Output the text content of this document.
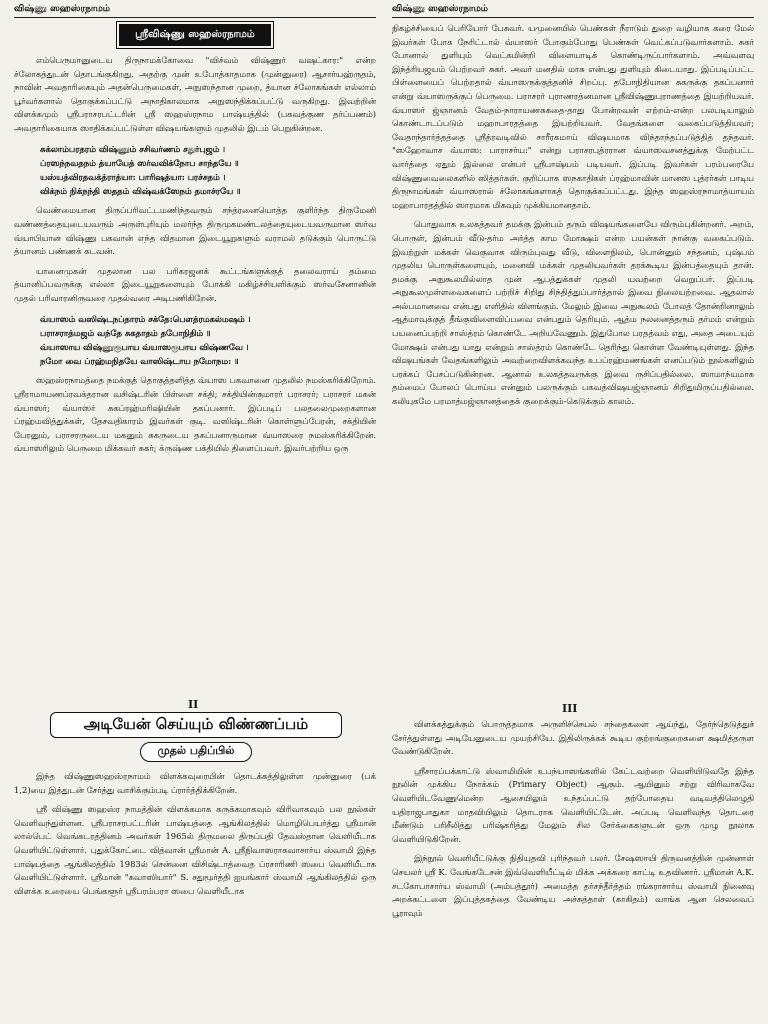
விஷ்ணு ஸஹஸ்ரநாமம்
ஸ்ரீவிஷ்ணு ஸஹஸ்ரநாமம்

எம்பெருமானுடைய திருநாமக்கோவை "விச்வம் விஷ்ணுர் வஷட்கார:" என்ற ச்லோகத்துடன் தொடங்குகிறது. அதற்கு முன் உபோத்காதமாக (முன்னுரை) ஆசார்யஹ்ருதம், நாவின் அவதாரிகையும் அதன்பெருமைகள், அநுஸந்தான முறை, த்யான ச்லோகங்கள் எல்லாம் பூர்வர்களால் தொகுக்கப்பட்டு அநாதிகாலமாக அநுஸந்திக்கப்பட்டு வருகிறது. இவற்றின் விளக்கமும் ஸ்ரீபராசரபட்டரின் ஸ்ரீ ஸஹஸ்ரநாம பாஷ்யத்தில் (பகவத்குண தர்ப்பணம்) அவதாரிகையாக ஸாதிக்கப்பட்டுள்ள விஷயங்களும் முதலில் இடம் பெறுகின்றன.

சுக்லாம்பரதரம் விஷ்ணும் சசிவர்ணம் சதுர்புஜம் ।

ப்ரஸந்நவதநம் த்யாயேத் ஸர்வவிக்நோப சாந்தயே ॥

யஸ்யத்விரதவக்த்ராத்யா: பாரிஷத்யா: பரச்சதம் ।

விக்நம் நிக்நந்தி ஸததம் விஷ்வக்ஸேநம் தமாச்ரயே ॥

வெண்மையான திருப்பரிவட்டமணிந்தவரும் சந்த்ரனையொத்த குளிர்ந்த திருமேனி வண்ணத்தையுடையவரும் அருள்புரியும் மலர்ந்த திருமுகமண்டலத்தையுடையவருமான ஸர்வ வ்யாபியான விஷ்ணு பகவான் எந்த விதமான இடையூறுகளும் வராமல் தடுக்கும் பொருட்டு த்யானம் பண்ணக் கடவன்.

யானைமுகன் முதலான பல பரிகரஜனக் கூட்டங்களுக்குத் தலைவராய் தம்மை த்யானிப்பவருக்கு எல்லா இடையூறுகளையும் போக்கி மகிழ்ச்சியளிக்கும் ஸர்வசேனானின் முதல் பரிவாரனிருவரை முதல்வரை அடிபணிகிறேன்.

வ்யாஸம் வஸிஷ்டநப்தாரம் சக்தே:பௌத்ரமகல்மஷம் ।

பராசராத்மஜம் வந்தே சுகதாதம் தபோநிதிம் ॥

வ்யாஸாய விஷ்ணுரூபாய வ்யாஸரூபாய விஷ்ணவே ।

நமோ வை ப்ரஹ்மநிதயே வாஸிஷ்டாய நமோநம: ॥

ஸஹஸ்ரநாமத்தை நமக்குத் தொகுத்தளித்த வ்யாஸ பகவானை முதலில் நமஸ்கரிக்கிறோம். ஸ்ரீராமாயணப்ரவக்தரான வசிஷ்டரின் பிள்ளை சக்தி; சக்தியின்குமாரர் பராசரர்; பராசரர் மகன் வ்யாஸர்; வ்யாஸர் சுகப்ரஹ்மரிஷியின் தகப்பனார். இப்படிப் பலதலைமுறைகளான ப்ரஹ்மவித்துக்கள், தேசவதிகாரம் இவர்கள் குடி. வஸிஷ்டரின் கொள்ளுப்பேரன், சக்தியின் பேரனும், பராசரருடைய மகனும் சுகருடைய தகப்பனாருமான வ்யாஸரை நமஸ்கரிக்கிறேன். வ்யாஸரிலும் பெருமை மிக்கவர் சுகர்; க்ருஷ்ண பக்தியில் திளைப்பவர். இவர்பற்றிய ஒரு

விஷ்ணு ஸஹஸ்ரநாமம்

நிகழ்ச்சியைப் பெரியோர் பேசுவர். யமுனையில் பெண்கள் நீராடும் துறை வழியாக கரை மேல் இவர்கள் போக நேரிட்டால் வ்யாஸர் போகும்போது பெண்கள் வெட்கப்படுவார்களாம். சுகர் போனால் துளியும் வெட்கமின்றி விளையாடிக் கொண்டிருப்பார்களாம். அவ்வளவு இந்த்ரியஜயம் பெற்றவர் சுகர். அவர் மனதில் மாசு என்பது துளியும் கிடையாது. இப்படிப்பட்ட பிள்ளையைப் பெற்றதால் வ்யாஸருக்குத்தனிச் சிறப்பு. தபோநிதியான சுகருக்கு தகப்பனார் என்று வ்யாஸருக்குப் பெருமை. பராசரர் புராணரத்னமான ஸ்ரீவிஷ்ணுபுராணத்தை இயற்றியவர். வ்யாஸர் ஜ்ஞானம் வேதம்-நாராயணசுகதை-தாது போன்றவன் எற்றம்-என்ற பலபடியாலும் கொண்டாடப்படும் மஹாபாரதத்தை இயற்றியவர். வேதங்களை வகைப்படுத்தியவர்; வேதாந்தார்த்தத்தை ஸ்ரீத்ரவடிவில் சாரீரகமாய் விஷயமாக விந்தாந்தப்படுத்தித் தந்தவர். "ஸஹோவாச வ்யாஸ: பாராசர்ய:" என்று பராசரபுத்ரரான வ்யாஸவசனத்துக்கு மேற்பட்ட வார்த்தை ஏதும் இல்லை என்பர் ஸ்ரீபாஷ்யம் படியவர். இப்படி இவர்கள் பரம்பரையே விஷ்ணுவைலைகளில் ஸித்தர்கள். குறிப்பாக ஸநகாதிகள் ப்ரஹ்மாவின் மானஸ புத்ரர்கள் பாடிய திருநாமங்கள் வ்யாஸரால் ச்லோகங்களாகத் தொகுக்கப்பட்டது. இந்த ஸஹஸ்ரநாமாத்யாயம் மஹாபாரதத்தில் ஸாரமாக மிகவும் முக்கியமானதாம்.

பொதுவாக உலகத்தவர் தமக்கு இன்பம் தரும் விஷயங்களையே விரும்புகின்றனர். அறம், பொருள், இன்பம் வீடு-தர்ம அர்த்த காம மோக்ஷம் என்ற பயன்கள் நான்கு வகைப்படும். இவற்றுள் மக்கள் வெகுவாக விரும்புவது வீடு, விளைநிலம், பொன்னும் சந்தனம், புஷ்பம் முதலிய பொருள்களையும், மனைவி மக்கள் முதலியவர்கள் தரக்கூடிய இன்பத்தையும் தான். தமக்கு அநுகூலமில்லாத முன் ஆபத்துக்கள் முதலி யவற்றை வெறுப்பர். இப்படி அநுகூலமுள்ளவைகளைப் பற்றிச் சிறிது சிந்தித்துப்பார்த்தால் இவை நிலையற்றவை. ஆதலால் அல்பமானவை என்பது எளிதில் விளங்கும். மேலும் இவை அநுகூலம் போலத் தோன்றினாலும் ஆத்மாவுக்குத் தீங்குவிளைவிப்பவை என்பதும் தெரியும். ஆத்ம நலனைத்தரும் தர்மம் என்றும் பயனைப்பற்றி சாஸ்த்ரம் கொண்டே அறியவேணும். இதுபோல பரதத்வம் எது, அதை அடையும் மோக்ஷம் என்பது யாது என்றும் சாஸ்த்ரம் கொண்டே தெரிந்து கொள்ள வேண்டியுள்ளது. இந்த விஷயங்கள் வேதங்களிலும் அவற்றைவிளக்கவந்த உபப்ரஹ்மணங்கள் எனப்படும் நூல்களிலும் பரக்கப் பேசப்படுகின்றன. ஆனால் உலகத்தவருக்கு இவை ருசிப்பதில்லை. ஸாமாந்யமாக தம்மைப் போலப் பொய்ய என்னும் பலருக்கும் பகவத்விஷயஜ்ஞானம் சிறிதுமிருப்பதில்லை. கலியுகமே பரமாத்மஜ்ஞானத்தைக் குறைக்கும்-கெடுக்கும் காலம்.

II
அடியேன் செய்யும் விண்ணப்பம்
முதல் பதிப்பில்

இந்த விஷ்ணுஸஹஸ்ரநாமம் விளக்கவுரையின் தொடக்கத்திலுள்ள முன்னுரை (பக் 1,2)யை இத்துடன் சேர்த்து வாசிக்கும்படி ப்ரார்த்திக்கிறேன்.

ஸ்ரீ விஷ்ணு ஸஹஸ்ர நாமத்தின் விளக்கமாக கருக்கமாகவும் விரிவாகவும் பல நூல்கள் வெளிவந்துள்ளன. ஸ்ரீபராசரபட்டரின் பாஷ்யத்தை ஆங்கிலத்தில் மொழிபெயர்த்து ஸ்ரீமான் லால்பெட் வெங்கடரத்தினம் அவர்கள் 1965ல் திருமலை திருப்பதி தேவஸ்தான வெளியீடாக வெளியிட்டுள்ளார். புதுக்கோட்டை வித்வான் ஸ்ரீமான் A. ஸ்ரீநிவாஸராகவாசார்ய ஸ்வாமி இந்த பாஷ்யத்தை ஆங்கிலத்தில் 1983ல் சென்னை விசிஷ்டாத்வைத ப்ரசாரிணி ஸபை வெளியீடாக வெளியிட்டுள்ளார். ஸ்ரீமான் "கவாஸியார்" S. சதுமூர்த்தி ஐயங்கார் ஸ்வாமி ஆங்கிலத்தில் ஒரு விளக்க உரையை பெங்களூர் ஸ்ரீபரம்பரா ஸபை வெளியீடாக

III

விளக்கத்துக்கும் பொருத்தமாக அருளிச்செயல் சந்தைகளை ஆய்ந்து, தேர்ந்தெடுத்துச் சேர்த்துள்ளது அடியேனுடைய முயற்சியே. இதிலிருக்கக் கூடிய குற்றங்குறைகளை க்ஷமித்தருள வேண்டுகிறேன்.

ஸ்ரீசாரப்பக்காட்டு ஸ்வாமியின் உபந்யாஸங்களில் கேட்டவற்றை வெளியிடுவதே இந்த நூலின் முக்கிய நோக்கம் (Primary Object) ஆகும். ஆயினும் சற்று விரிவாகவே வெளியிடவேணுமென்ற ஆசையிலும் உந்தப்பட்டு தற்போதைய வடிவத்திலெழுதி யதிராஜபாதுகா மாதவியிலும் தொடராக வெளியிட்டேன். அப்படி வெளிவந்த தொடரை மீண்டும் பரிசீலித்து பரிஷ்கரித்து மேலும் சில சேர்க்கைகளுடன் ஒரு முழு நூலாக வெளியிடுகிறேன்.

இந்நூல் வெளியீட்டுக்கு நிதியுதவி புரிந்தவர் பலர். சேஷஸாயி திருவனத்தின் முன்னாள் செயலர் ஸ்ரீ K. வேங்கடேசன் இவ்வெளியீட்டில் மிக்க அக்கரை காட்டி உதவினார். ஸ்ரீமான் A.K. சடகோபாசார்ய ஸ்வாமி (அம்பத்தூர்) அமைத்த தர்சந்தீர்த்தம் ரங்கராசார்ய ஸ்வாமி நினைவு அறக்கட்டளை இப்புத்தகத்தை வேண்டிய அச்சுத்தாள் (காகிதம்) வாங்க ஆன செலவைப் பூராவும்
